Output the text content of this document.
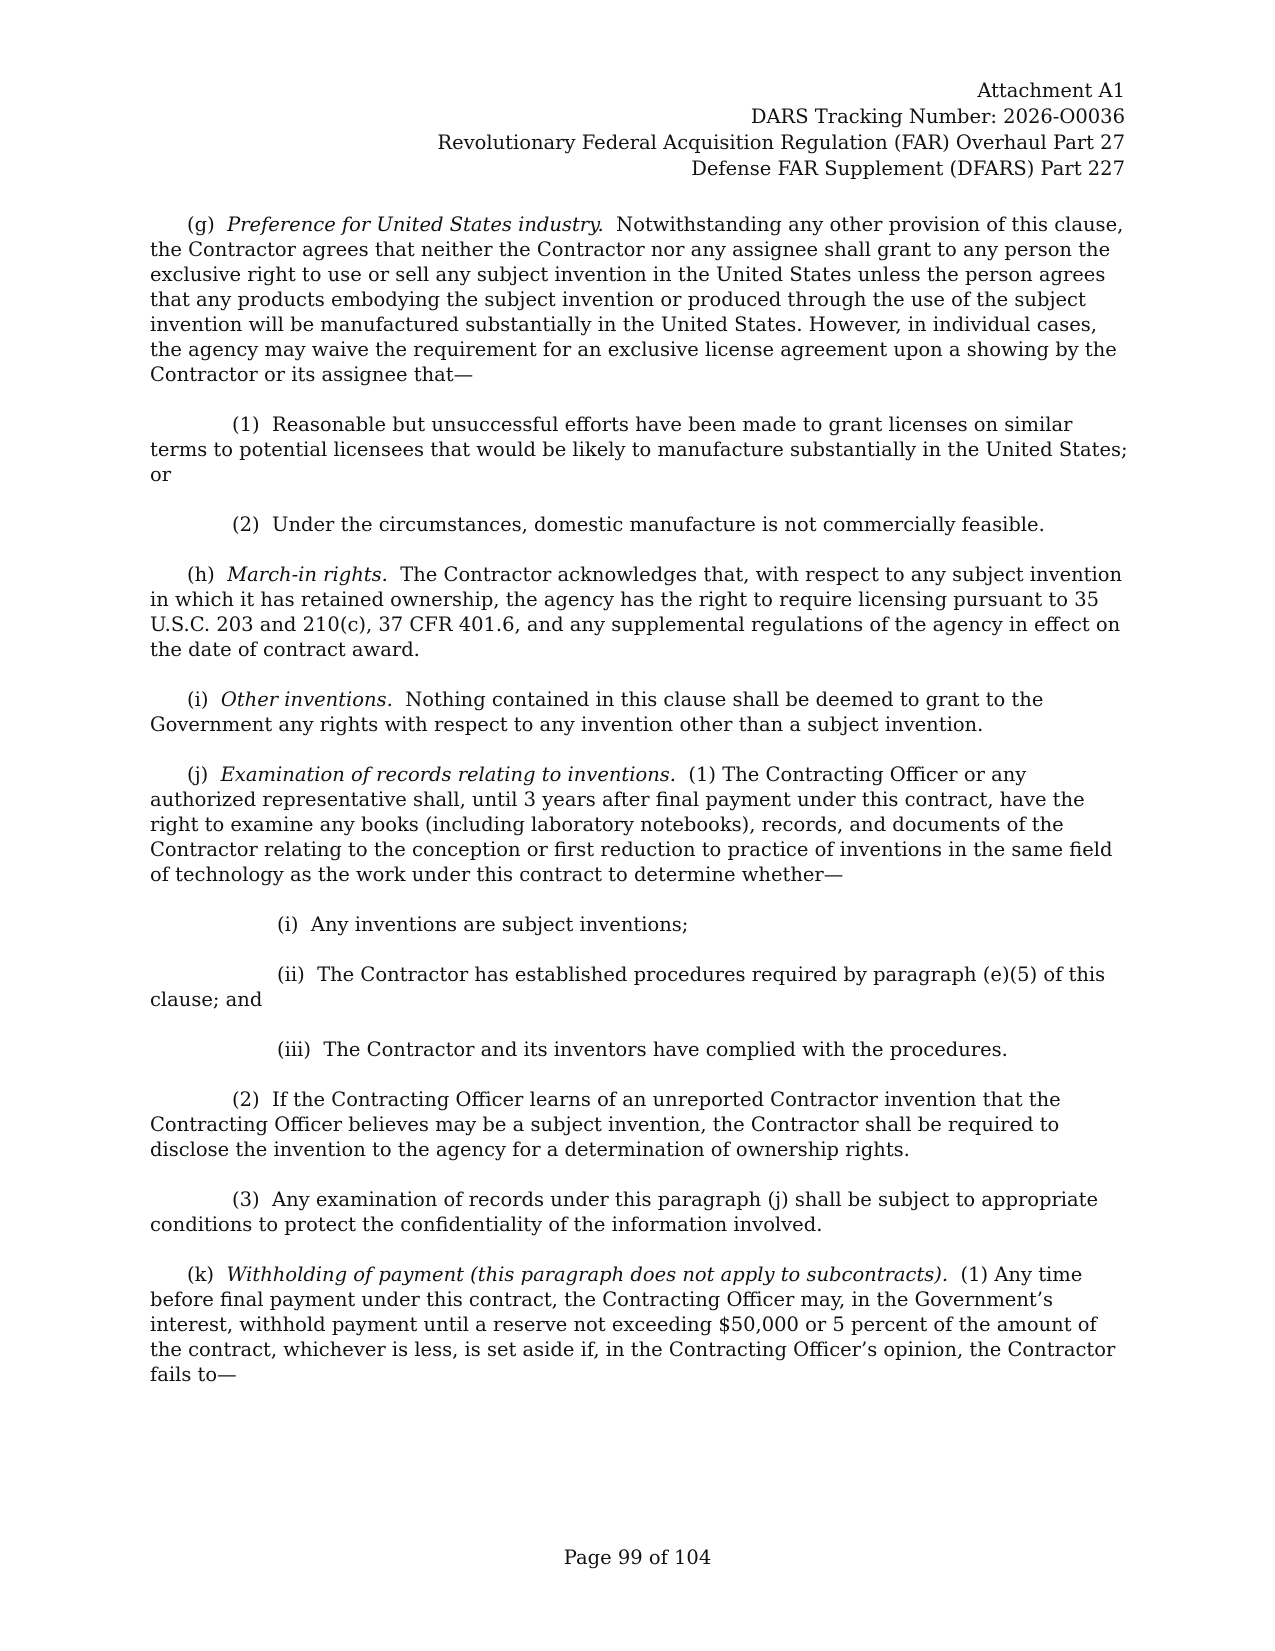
Attachment A1
DARS Tracking Number: 2026-O0036
Revolutionary Federal Acquisition Regulation (FAR) Overhaul Part 27
Defense FAR Supplement (DFARS) Part 227

(g) Preference for United States industry. Notwithstanding any other provision of this clause, the Contractor agrees that neither the Contractor nor any assignee shall grant to any person the exclusive right to use or sell any subject invention in the United States unless the person agrees that any products embodying the subject invention or produced through the use of the subject invention will be manufactured substantially in the United States. However, in individual cases, the agency may waive the requirement for an exclusive license agreement upon a showing by the Contractor or its assignee that—

(1) Reasonable but unsuccessful efforts have been made to grant licenses on similar terms to potential licensees that would be likely to manufacture substantially in the United States; or

(2) Under the circumstances, domestic manufacture is not commercially feasible.

(h) March-in rights. The Contractor acknowledges that, with respect to any subject invention in which it has retained ownership, the agency has the right to require licensing pursuant to 35 U.S.C. 203 and 210(c), 37 CFR 401.6, and any supplemental regulations of the agency in effect on the date of contract award.

(i) Other inventions. Nothing contained in this clause shall be deemed to grant to the Government any rights with respect to any invention other than a subject invention.

(j) Examination of records relating to inventions. (1) The Contracting Officer or any authorized representative shall, until 3 years after final payment under this contract, have the right to examine any books (including laboratory notebooks), records, and documents of the Contractor relating to the conception or first reduction to practice of inventions in the same field of technology as the work under this contract to determine whether—

(i) Any inventions are subject inventions;

(ii) The Contractor has established procedures required by paragraph (e)(5) of this clause; and

(iii) The Contractor and its inventors have complied with the procedures.

(2) If the Contracting Officer learns of an unreported Contractor invention that the Contracting Officer believes may be a subject invention, the Contractor shall be required to disclose the invention to the agency for a determination of ownership rights.

(3) Any examination of records under this paragraph (j) shall be subject to appropriate conditions to protect the confidentiality of the information involved.

(k) Withholding of payment (this paragraph does not apply to subcontracts). (1) Any time before final payment under this contract, the Contracting Officer may, in the Government’s interest, withhold payment until a reserve not exceeding $50,000 or 5 percent of the amount of the contract, whichever is less, is set aside if, in the Contracting Officer’s opinion, the Contractor fails to—

Page 99 of 104
